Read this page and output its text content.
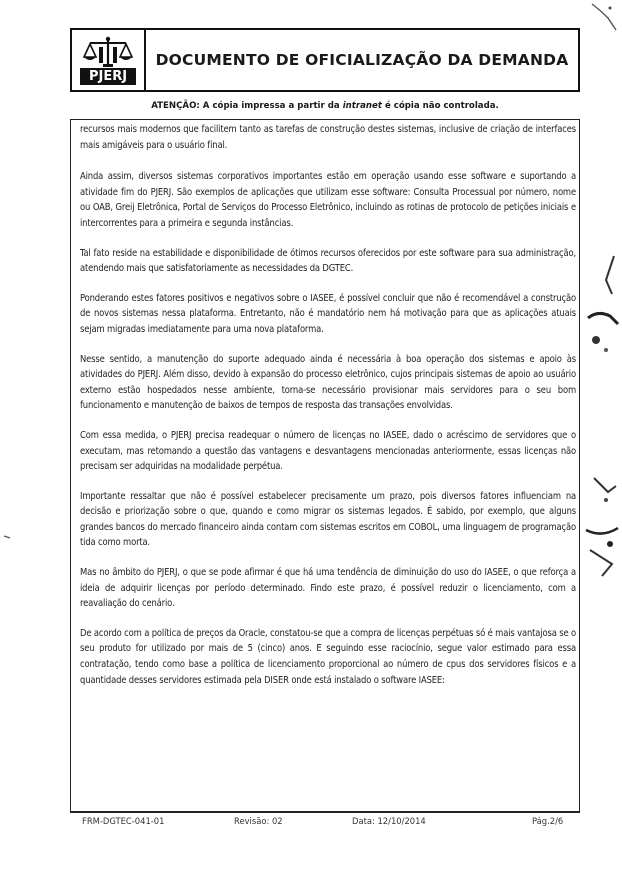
PJERJ
DOCUMENTO DE OFICIALIZAÇÃO DA DEMANDA
ATENÇÃO: A cópia impressa a partir da intranet é cópia não controlada.

recursos mais modernos que facilitem tanto as tarefas de construção destes sistemas, inclusive de criação de interfaces mais amigáveis para o usuário final.

Ainda assim, diversos sistemas corporativos importantes estão em operação usando esse software e suportando a atividade fim do PJERJ. São exemplos de aplicações que utilizam esse software: Consulta Processual por número, nome ou OAB, Greij Eletrônica, Portal de Serviços do Processo Eletrônico, incluindo as rotinas de protocolo de petições iniciais e intercorrentes para a primeira e segunda instâncias.

Tal fato reside na estabilidade e disponibilidade de ótimos recursos oferecidos por este software para sua administração, atendendo mais que satisfatoriamente as necessidades da DGTEC.

Ponderando estes fatores positivos e negativos sobre o IASEE, é possível concluir que não é recomendável a construção de novos sistemas nessa plataforma. Entretanto, não é mandatório nem há motivação para que as aplicações atuais sejam migradas imediatamente para uma nova plataforma.

Nesse sentido, a manutenção do suporte adequado ainda é necessária à boa operação dos sistemas e apoio às atividades do PJERJ. Além disso, devido à expansão do processo eletrônico, cujos principais sistemas de apoio ao usuário externo estão hospedados nesse ambiente, torna-se necessário provisionar mais servidores para o seu bom funcionamento e manutenção de baixos de tempos de resposta das transações envolvidas.

Com essa medida, o PJERJ precisa readequar o número de licenças no IASEE, dado o acréscimo de servidores que o executam, mas retomando a questão das vantagens e desvantagens mencionadas anteriormente, essas licenças não precisam ser adquiridas na modalidade perpétua.

Importante ressaltar que não é possível estabelecer precisamente um prazo, pois diversos fatores influenciam na decisão e priorização sobre o que, quando e como migrar os sistemas legados. É sabido, por exemplo, que alguns grandes bancos do mercado financeiro ainda contam com sistemas escritos em COBOL, uma linguagem de programação tida como morta.

Mas no âmbito do PJERJ, o que se pode afirmar é que há uma tendência de diminuição do uso do IASEE, o que reforça a ideia de adquirir licenças por período determinado. Findo este prazo, é possível reduzir o licenciamento, com a reavaliação do cenário.

De acordo com a política de preços da Oracle, constatou-se que a compra de licenças perpétuas só é mais vantajosa se o seu produto for utilizado por mais de 5 (cinco) anos. E seguindo esse raciocínio, segue valor estimado para essa contratação, tendo como base a política de licenciamento proporcional ao número de cpus dos servidores físicos e a quantidade desses servidores estimada pela DISER onde está instalado o software IASEE:

FRM-DGTEC-041-01	Revisão: 02	Data: 12/10/2014	Pág.2/6
